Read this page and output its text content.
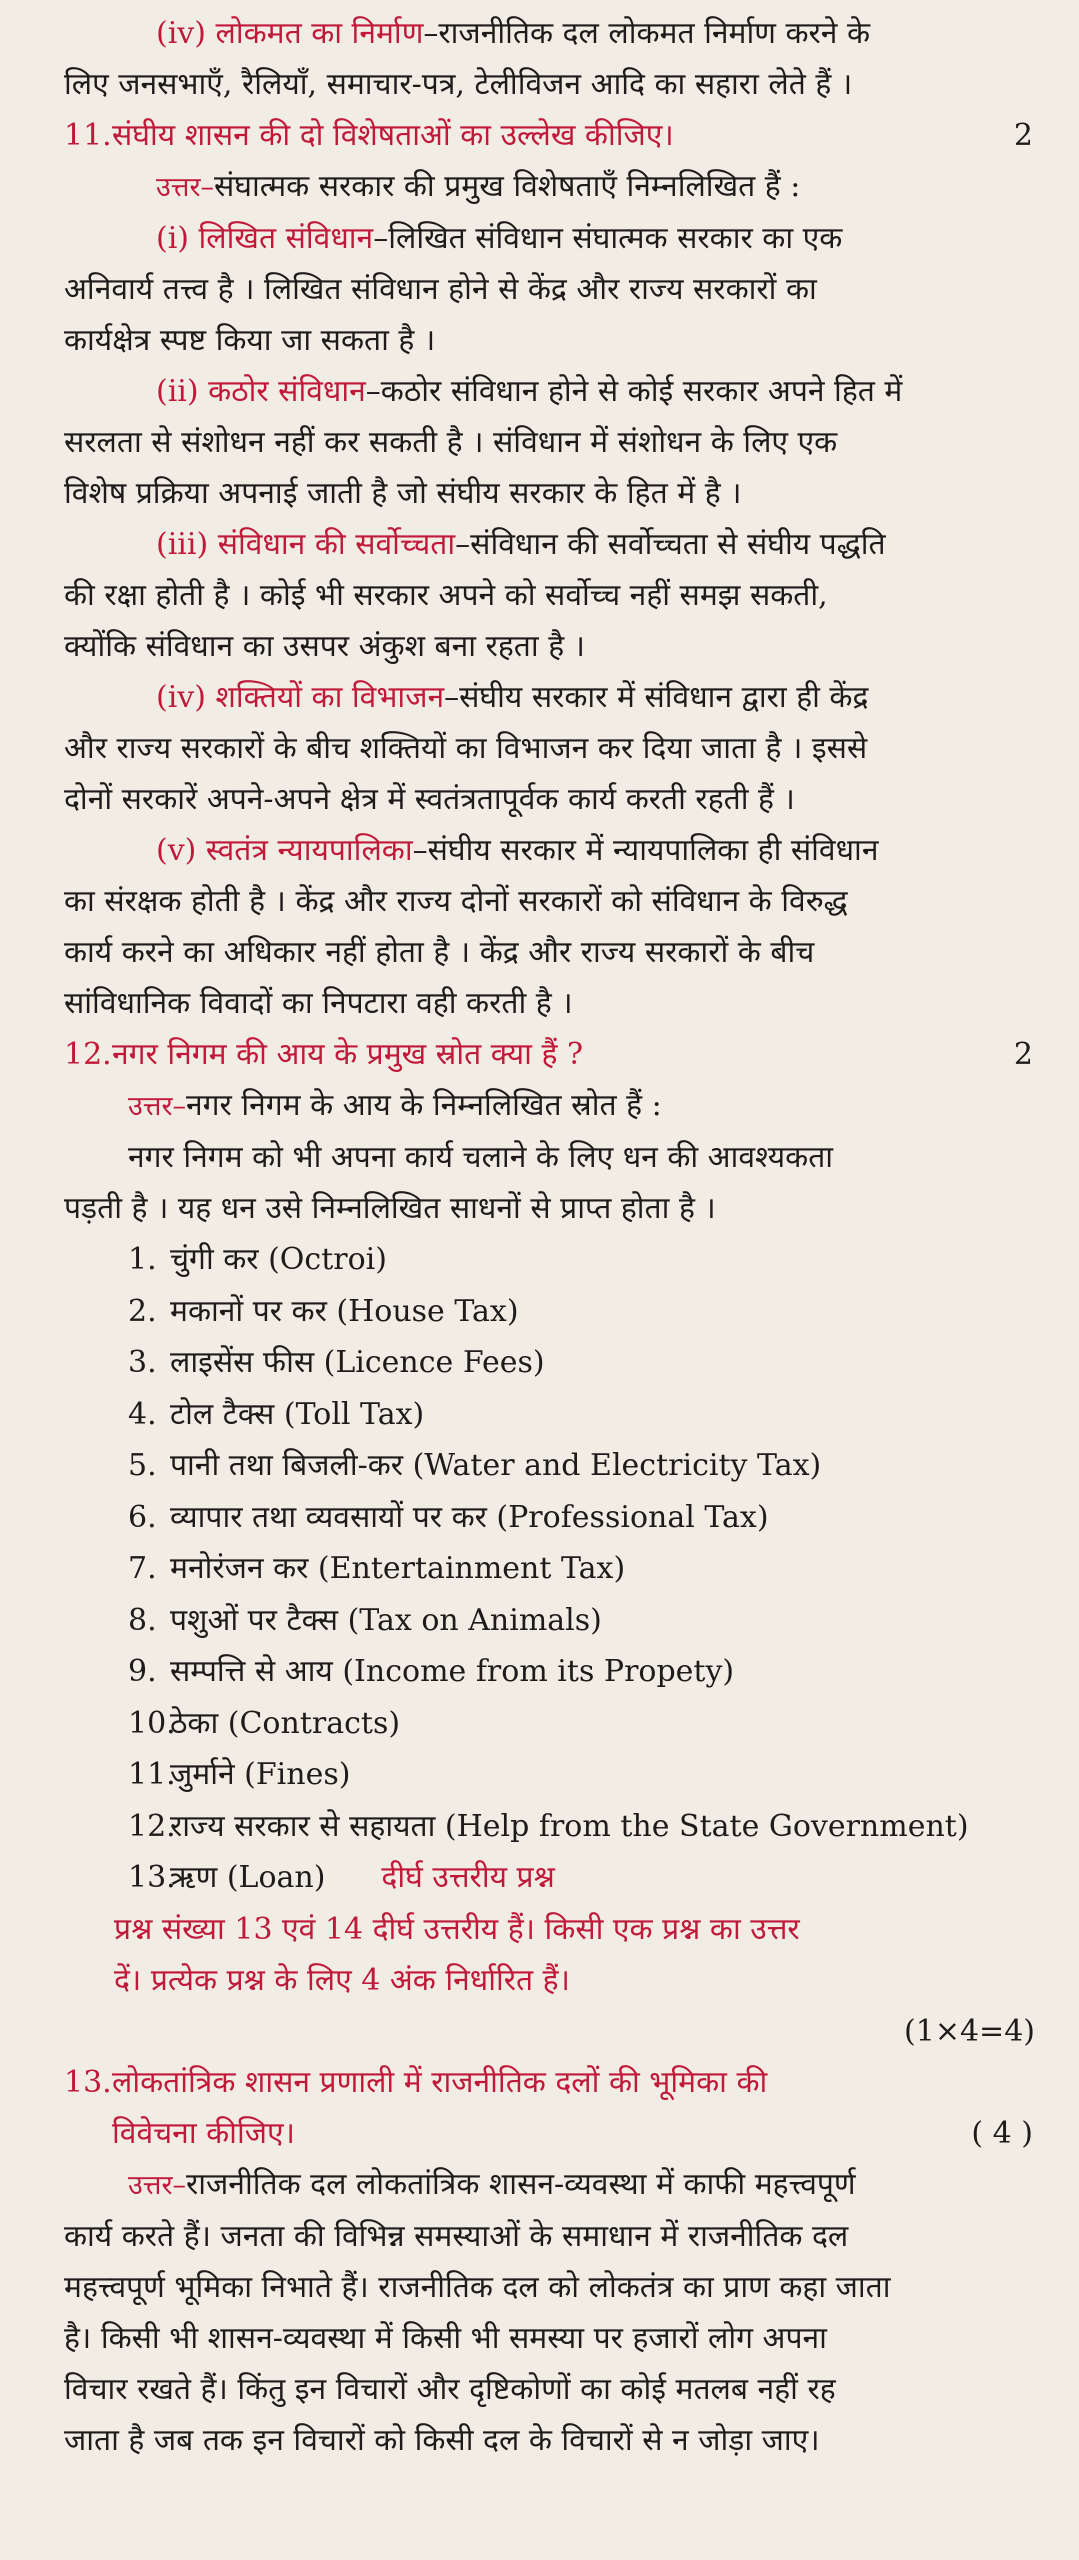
(iv) लोकमत का निर्माण–राजनीतिक दल लोकमत निर्माण करने के
लिए जनसभाएँ, रैलियाँ, समाचार-पत्र, टेलीविजन आदि का सहारा लेते हैं ।
11.संघीय शासन की दो विशेषताओं का उल्लेख कीजिए।	2
उत्तर–संघात्मक सरकार की प्रमुख विशेषताएँ निम्नलिखित हैं :
(i) लिखित संविधान–लिखित संविधान संघात्मक सरकार का एक
अनिवार्य तत्त्व है । लिखित संविधान होने से केंद्र और राज्य सरकारों का
कार्यक्षेत्र स्पष्ट किया जा सकता है ।
(ii) कठोर संविधान–कठोर संविधान होने से कोई सरकार अपने हित में
सरलता से संशोधन नहीं कर सकती है । संविधान में संशोधन के लिए एक
विशेष प्रक्रिया अपनाई जाती है जो संघीय सरकार के हित में है ।
(iii) संविधान की सर्वोच्चता–संविधान की सर्वोच्चता से संघीय पद्धति
की रक्षा होती है । कोई भी सरकार अपने को सर्वोच्च नहीं समझ सकती,
क्योंकि संविधान का उसपर अंकुश बना रहता है ।
(iv) शक्तियों का विभाजन–संघीय सरकार में संविधान द्वारा ही केंद्र
और राज्य सरकारों के बीच शक्तियों का विभाजन कर दिया जाता है । इससे
दोनों सरकारें अपने-अपने क्षेत्र में स्वतंत्रतापूर्वक कार्य करती रहती हैं ।
(v) स्वतंत्र न्यायपालिका–संघीय सरकार में न्यायपालिका ही संविधान
का संरक्षक होती है । केंद्र और राज्य दोनों सरकारों को संविधान के विरुद्ध
कार्य करने का अधिकार नहीं होता है । केंद्र और राज्य सरकारों के बीच
सांविधानिक विवादों का निपटारा वही करती है ।
12.नगर निगम की आय के प्रमुख स्रोत क्या हैं ?	2
उत्तर–नगर निगम के आय के निम्नलिखित स्रोत हैं :
नगर निगम को भी अपना कार्य चलाने के लिए धन की आवश्यकता
पड़ती है । यह धन उसे निम्नलिखित साधनों से प्राप्त होता है ।
1. चुंगी कर (Octroi)
2. मकानों पर कर (House Tax)
3. लाइसेंस फीस (Licence Fees)
4. टोल टैक्स (Toll Tax)
5. पानी तथा बिजली-कर (Water and Electricity Tax)
6. व्यापार तथा व्यवसायों पर कर (Professional Tax)
7. मनोरंजन कर (Entertainment Tax)
8. पशुओं पर टैक्स (Tax on Animals)
9. सम्पत्ति से आय (Income from its Propety)
10.ठेका (Contracts)
11.जुर्माने (Fines)
12.राज्य सरकार से सहायता (Help from the State Government)
13.ऋण (Loan) दीर्घ उत्तरीय प्रश्न
प्रश्न संख्या 13 एवं 14 दीर्घ उत्तरीय हैं। किसी एक प्रश्न का उत्तर
दें। प्रत्येक प्रश्न के लिए 4 अंक निर्धारित हैं।
(1×4=4)
13.लोकतांत्रिक शासन प्रणाली में राजनीतिक दलों की भूमिका की
विवेचना कीजिए।	( 4 )
उत्तर–राजनीतिक दल लोकतांत्रिक शासन-व्यवस्था में काफी महत्त्वपूर्ण
कार्य करते हैं। जनता की विभिन्न समस्याओं के समाधान में राजनीतिक दल
महत्त्वपूर्ण भूमिका निभाते हैं। राजनीतिक दल को लोकतंत्र का प्राण कहा जाता
है। किसी भी शासन-व्यवस्था में किसी भी समस्या पर हजारों लोग अपना
विचार रखते हैं। किंतु इन विचारों और दृष्टिकोणों का कोई मतलब नहीं रह
जाता है जब तक इन विचारों को किसी दल के विचारों से न जोड़ा जाए।
